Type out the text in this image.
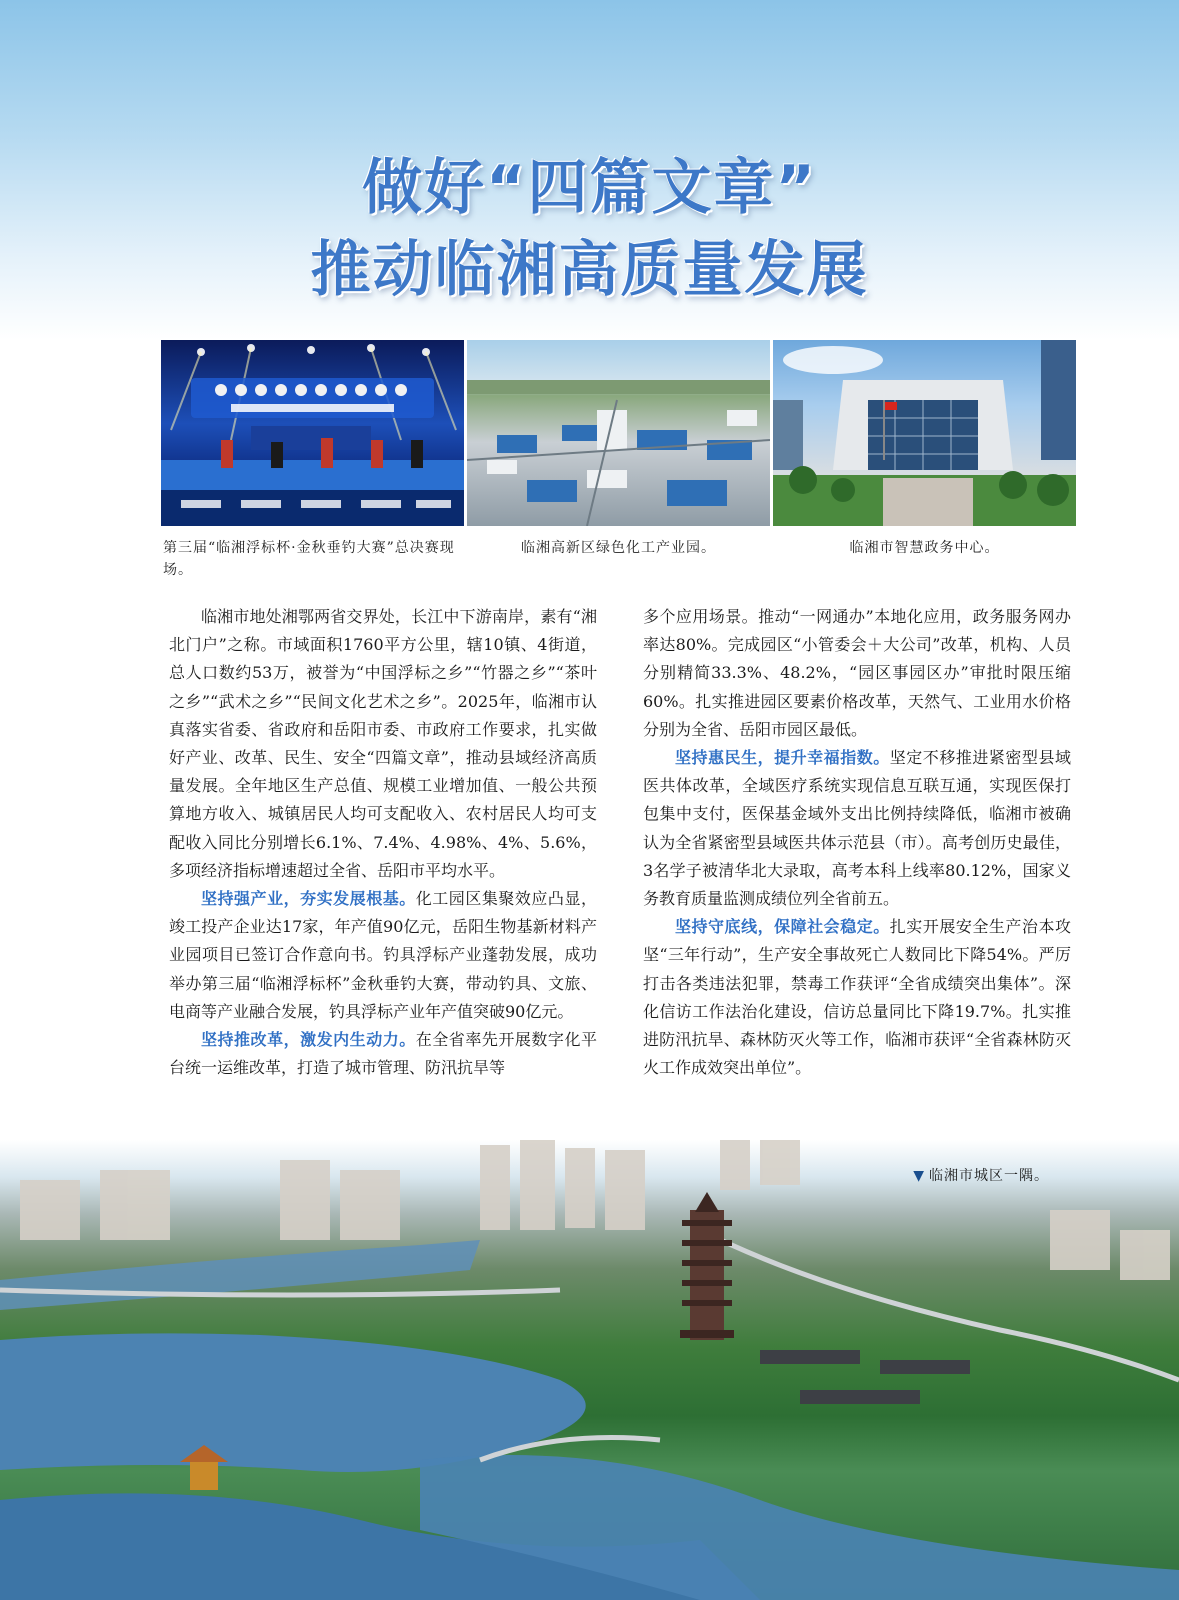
做好“四篇文章”
推动临湘高质量发展
第三届“临湘浮标杯·金秋垂钓大赛”总决赛现场。
临湘高新区绿色化工产业园。	临湘市智慧政务中心。

临湘市地处湘鄂两省交界处，长江中下游南岸，素有“湘北门户”之称。市域面积1760平方公里，辖10镇、4街道，总人口数约53万，被誉为“中国浮标之乡”“竹器之乡”“茶叶之乡”“武术之乡”“民间文化艺术之乡”。2025年，临湘市认真落实省委、省政府和岳阳市委、市政府工作要求，扎实做好产业、改革、民生、安全“四篇文章”，推动县域经济高质量发展。全年地区生产总值、规模工业增加值、一般公共预算地方收入、城镇居民人均可支配收入、农村居民人均可支配收入同比分别增长6.1%、7.4%、4.98%、4%、5.6%，多项经济指标增速超过全省、岳阳市平均水平。

坚持强产业，夯实发展根基。化工园区集聚效应凸显，竣工投产企业达17家，年产值90亿元，岳阳生物基新材料产业园项目已签订合作意向书。钓具浮标产业蓬勃发展，成功举办第三届“临湘浮标杯”金秋垂钓大赛，带动钓具、文旅、电商等产业融合发展，钓具浮标产业年产值突破90亿元。

坚持推改革，激发内生动力。在全省率先开展数字化平台统一运维改革，打造了城市管理、防汛抗旱等

多个应用场景。推动“一网通办”本地化应用，政务服务网办率达80%。完成园区“小管委会＋大公司”改革，机构、人员分别精简33.3%、48.2%，“园区事园区办”审批时限压缩60%。扎实推进园区要素价格改革，天然气、工业用水价格分别为全省、岳阳市园区最低。

坚持惠民生，提升幸福指数。坚定不移推进紧密型县域医共体改革，全域医疗系统实现信息互联互通，实现医保打包集中支付，医保基金域外支出比例持续降低，临湘市被确认为全省紧密型县域医共体示范县（市）。高考创历史最佳，3名学子被清华北大录取，高考本科上线率80.12%，国家义务教育质量监测成绩位列全省前五。

坚持守底线，保障社会稳定。扎实开展安全生产治本攻坚“三年行动”，生产安全事故死亡人数同比下降54%。严厉打击各类违法犯罪，禁毒工作获评“全省成绩突出集体”。深化信访工作法治化建设，信访总量同比下降19.7%。扎实推进防汛抗旱、森林防灭火等工作，临湘市获评“全省森林防灭火工作成效突出单位”。

▼ 临湘市城区一隅。
